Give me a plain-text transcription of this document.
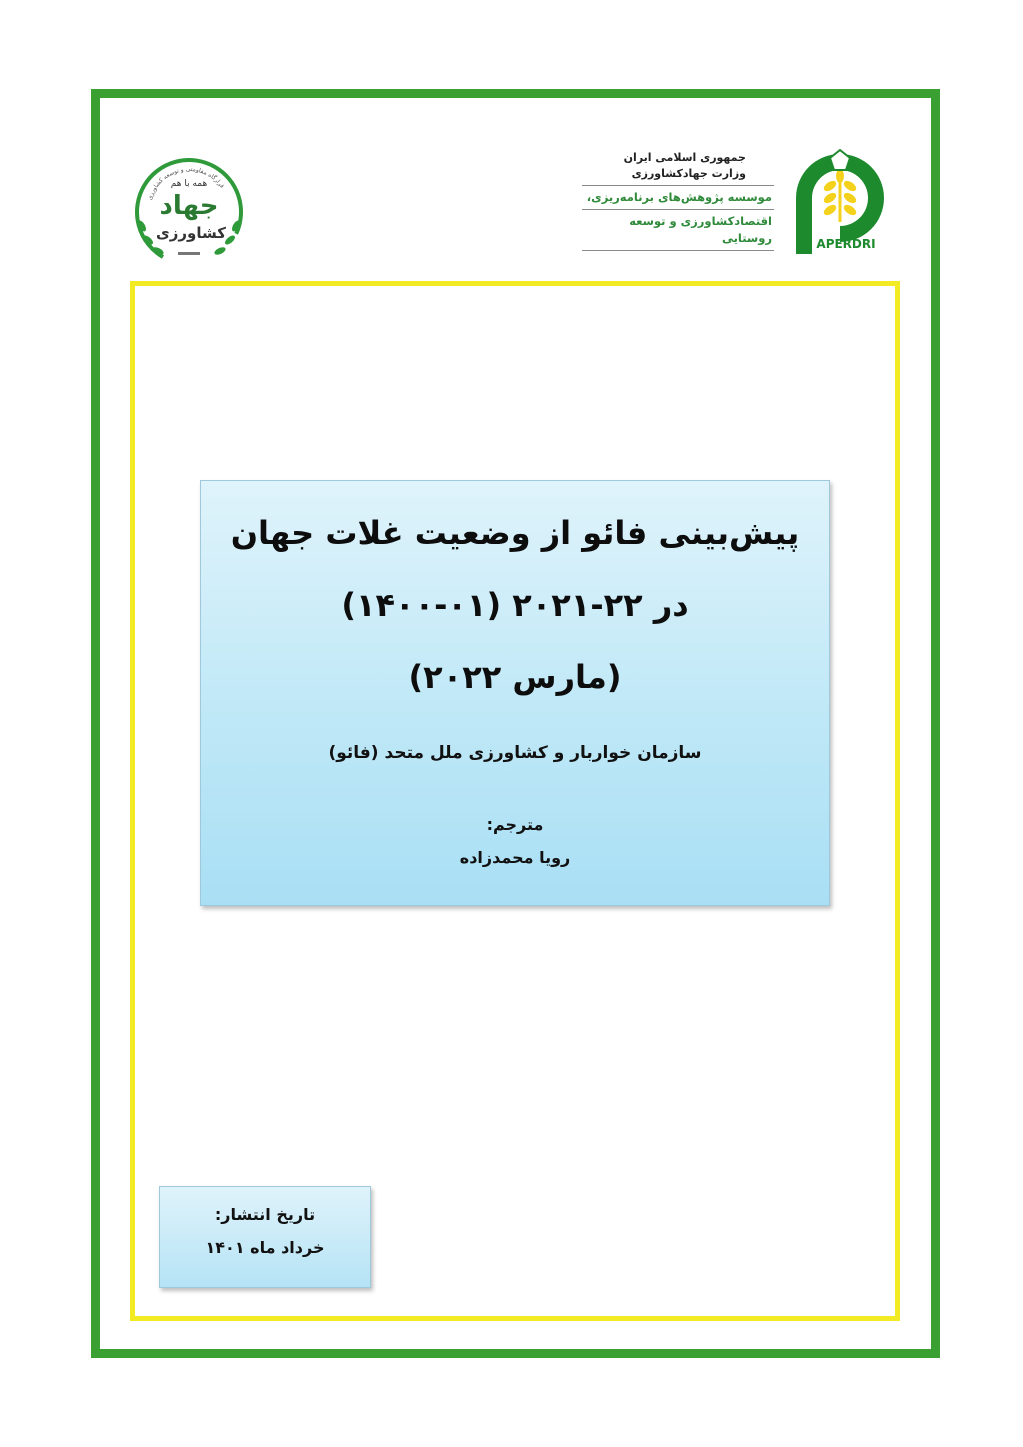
قرارگاه مقاومتی و توسعه کشاورزی
همه با هم
جهاد
کشاورزی
جمهوری اسلامی ایران
وزارت جهادکشاورزی
موسسه پژوهش‌های برنامه‌ریزی،
اقتصادکشاورزی و توسعه روستایی	APERDRI
پیش‌بینی فائو از وضعیت غلات جهان
در ۲۲-۲۰۲۱ (۰۱-۱۴۰۰)
(مارس ۲۰۲۲)
سازمان خواربار و کشاورزی ملل متحد (فائو)
مترجم:
رویا محمدزاده
تاریخ انتشار:
خرداد ماه ۱۴۰۱
